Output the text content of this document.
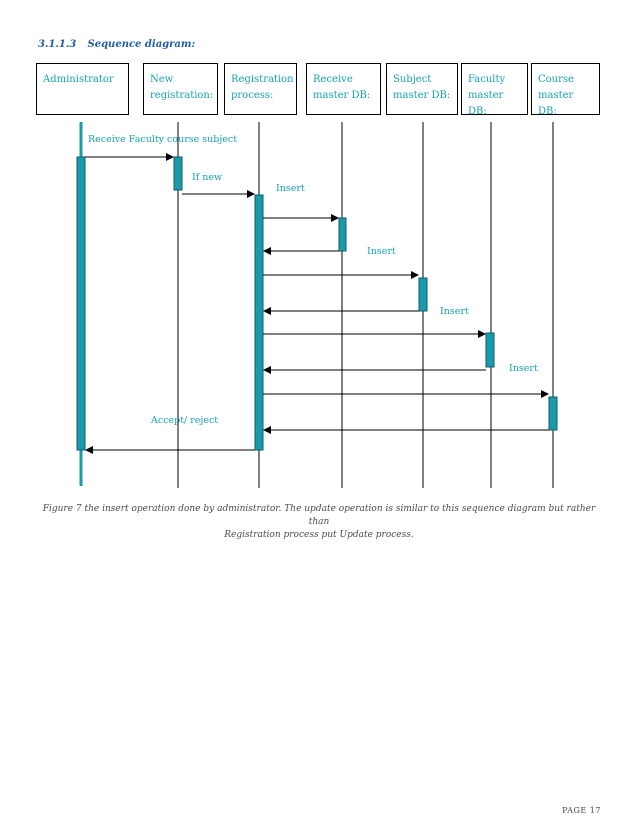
3.1.1.3 Sequence diagram:
Administrator	New
registration:
Registration
process:
Receive
master DB:
Subject
master DB:
Faculty
master DB:
Course
master DB:
Receive Faculty course subject
If new
Insert
Insert
Insert
Insert
Accept/ reject
Figure 7 the insert operation done by administrator. The update operation is similar to this sequence diagram but rather than
Registration process put Update process.
PAGE 17
